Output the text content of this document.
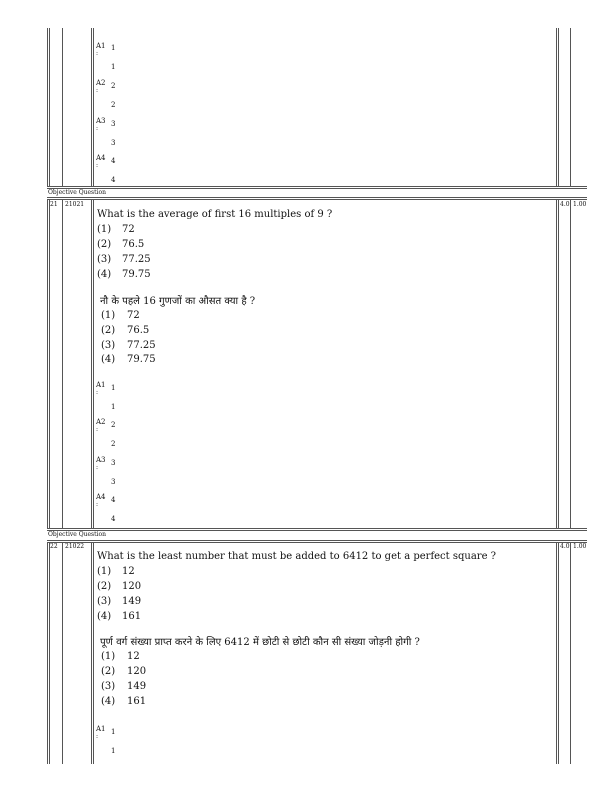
A1
:
1
1
A2
:
2
2
A3
:
3
3
A4
:
4
4
Objective Question
21 21021	4.0 1.00
What is the average of first 16 multiples of 9 ?
(1) 72
(2) 76.5
(3) 77.25
(4) 79.75
नौ के पहले 16 गुणजों का औसत क्या है ?
(1) 72
(2) 76.5
(3) 77.25
(4) 79.75
A1
:
1
1
A2
:
2
2
A3
:
3
3
A4
:
4
4
Objective Question
22 21022	4.0 1.00
What is the least number that must be added to 6412 to get a perfect square ?
(1) 12
(2) 120
(3) 149
(4) 161
पूर्ण वर्ग संख्या प्राप्त करने के लिए 6412 में छोटी से छोटी कौन सी संख्या जोड़नी होगी ?
(1) 12
(2) 120
(3) 149
(4) 161
A1
:
1
1
